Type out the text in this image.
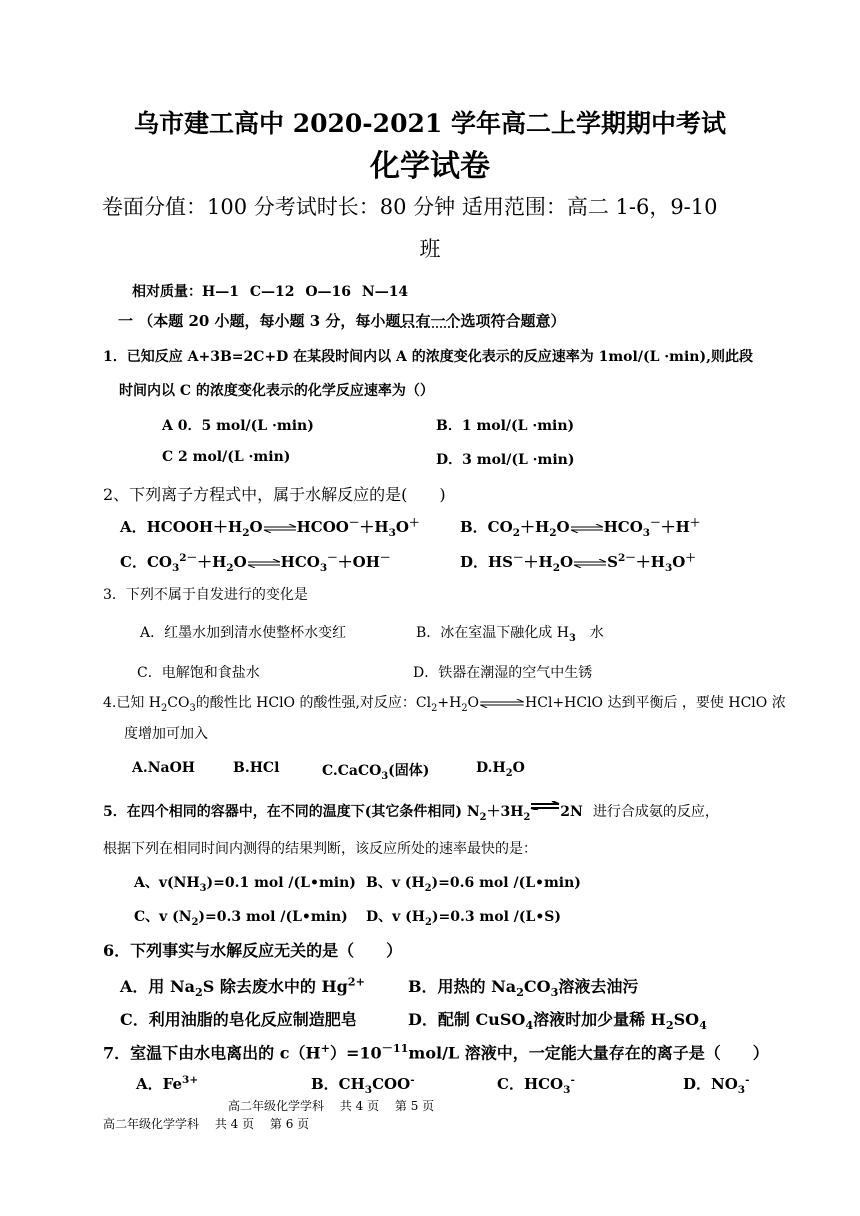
乌市建工高中 2020-2021 学年高二上学期期中考试
化学试卷
卷面分值：100 分考试时长：80 分钟 适用范围：高二 1-6，9-10
班
相对质量：H—1 C—12 O—16 N—14
一 （本题 20 小题，每小题 3 分，每小题只有一个选项符合题意）
1．已知反应 A+3B=2C+D 在某段时间内以 A 的浓度变化表示的反应速率为 1mol/(L ·min),则此段
时间内以 C 的浓度变化表示的化学反应速率为（）
A 0．5 mol/(L ·min)	B．1 mol/(L ·min)
C 2 mol/(L ·min)	D．3 mol/(L ·min)
2、下列离子方程式中，属于水解反应的是(　　)
A．$HCOOH+H_2O\rightleftharpoons HCOO^-+H_3O^+$	B．$CO_2+H_2O\rightleftharpoons HCO_3^-+H^+$
C．$CO_3^{2-}+H_2O\rightleftharpoons HCO_3^-+OH^-$	D．$HS^-+H_2O\rightleftharpoons S^{2-}+H_3O^+$
3．下列不属于自发进行的变化是
A．红墨水加到清水使整杯水变红	B．冰在室温下融化成 $H_3$ 水
C．电解饱和食盐水	D．铁器在潮湿的空气中生锈
4.已知 $H_2CO_3$的酸性比 HClO 的酸性强,对反应：$Cl_2+H_2O\rightleftharpoons HCl+HClO$ 达到平衡后 ，要使 HClO 浓
度增加可加入
A.NaOH	B.HCl	C.CaCO$_3$(固体)	$D.H_2O$
5．在四个相同的容器中，在不同的温度下(其它条件相同) $N_2+3H_2$ ⇌2N 进行合成氨的反应，
根据下列在相同时间内测得的结果判断，该反应所处的速率最快的是：
A、$v(NH_3)=0.1$ mol /(L•min) B、v $(H_2)=0.6$ mol /(L•min)
C、v $(N_2)=0.3$ mol /(L•min) D、v $(H_2)=0.3$ mol /(L•S)
6．下列事实与水解反应无关的是（　　）
A．用 $Na_2S$ 除去废水中的 $Hg^{2+}$	B．用热的 $Na_2CO_3$溶液去油污
C．利用油脂的皂化反应制造肥皂	D．配制 CuSO$_4$溶液时加少量稀 $H_2SO_4$
7．室温下由水电离出的 $c(H^+)=10^{-11}mol/L$ 溶液中，一定能大量存在的离子是（　　）
A．$Fe^{3+}$	B．$CH_3COO^-$	C．$HCO_3^-$	D．$NO_3^-$
高二年级化学学科　 共 4 页　 第 5 页
高二年级化学学科　 共 4 页　 第 6 页
